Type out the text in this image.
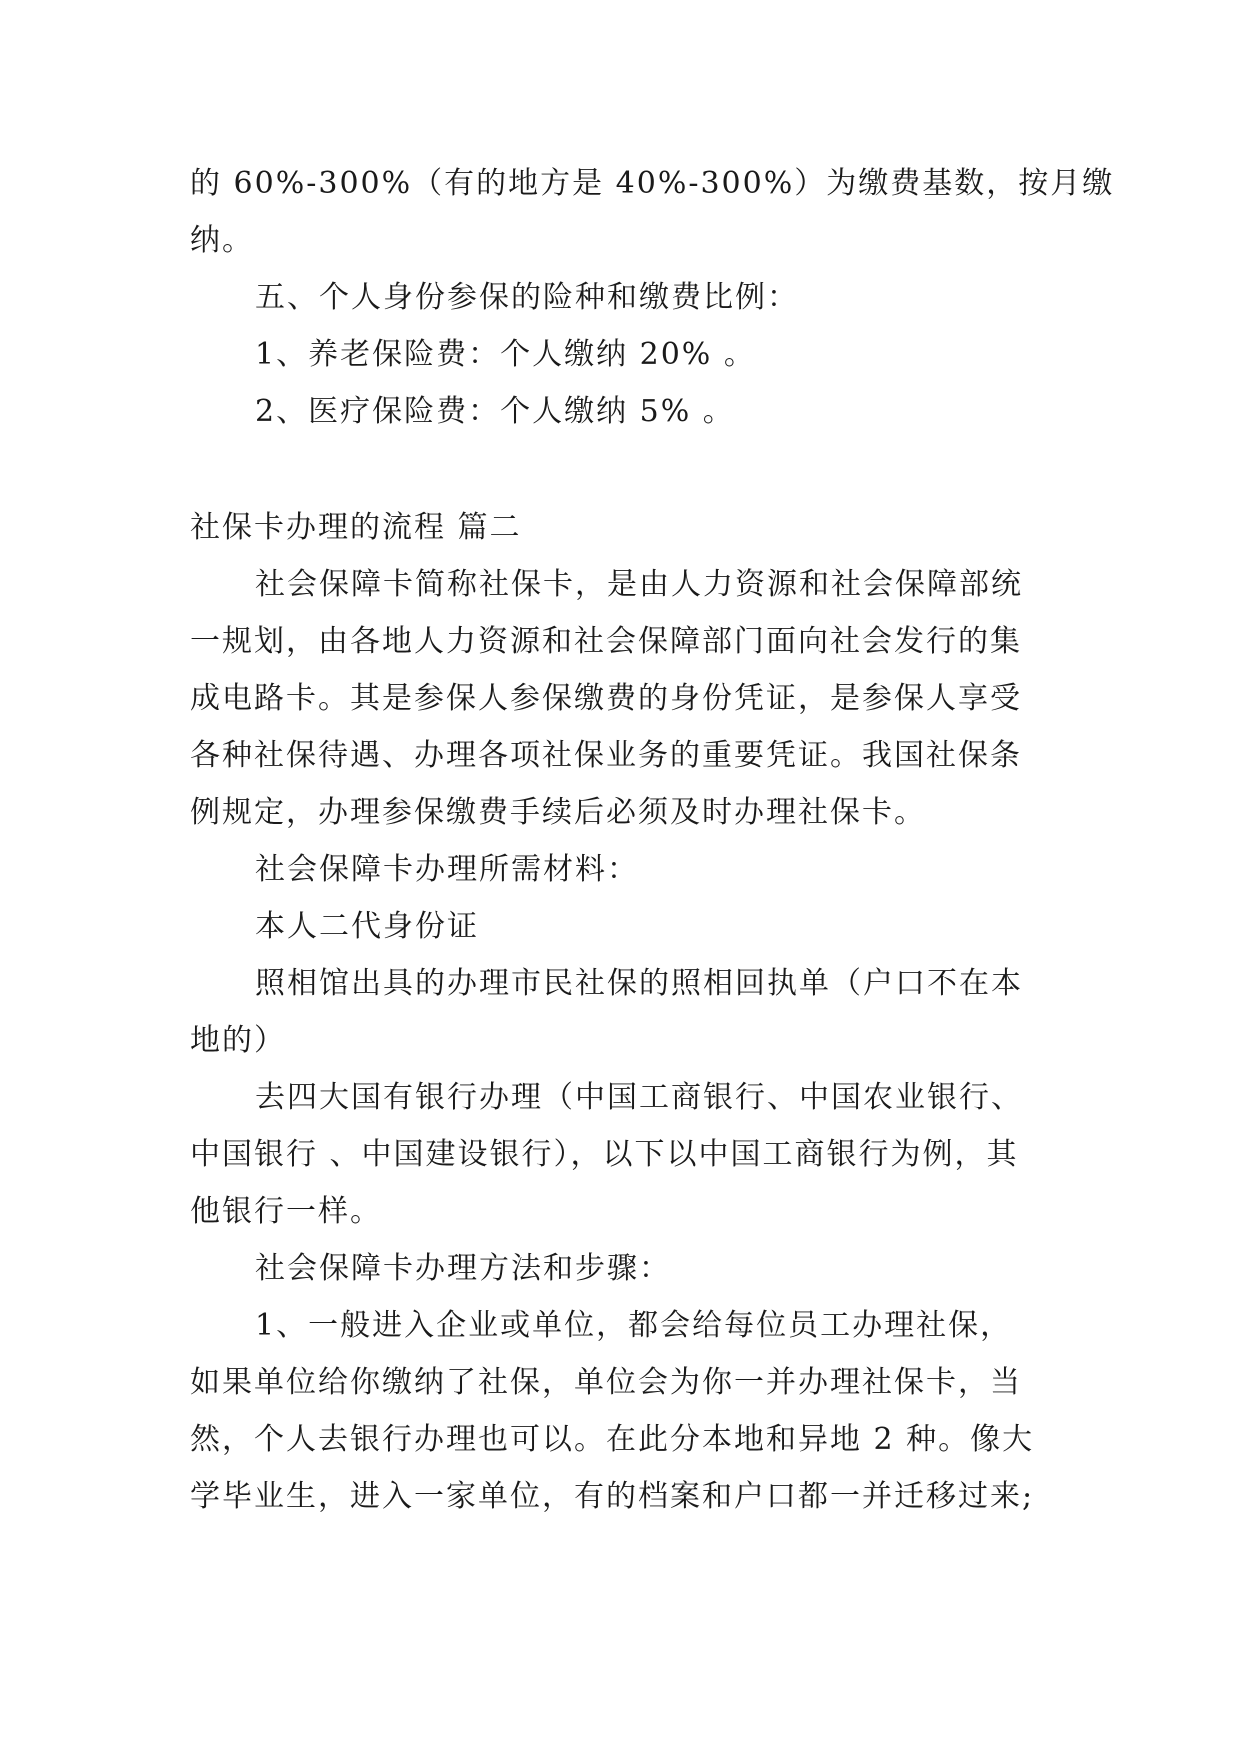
的 60%-300%（有的地方是 40%-300%）为缴费基数，按月缴
纳。
五、个人身份参保的险种和缴费比例：
1、养老保险费：个人缴纳 20% 。
2、医疗保险费：个人缴纳 5% 。
社保卡办理的流程 篇二
社会保障卡简称社保卡，是由人力资源和社会保障部统
一规划，由各地人力资源和社会保障部门面向社会发行的集
成电路卡。其是参保人参保缴费的身份凭证，是参保人享受
各种社保待遇、办理各项社保业务的重要凭证。我国社保条
例规定，办理参保缴费手续后必须及时办理社保卡。
社会保障卡办理所需材料：
本人二代身份证
照相馆出具的办理市民社保的照相回执单（户口不在本
地的）
去四大国有银行办理（中国工商银行、中国农业银行、
中国银行 、中国建设银行），以下以中国工商银行为例，其
他银行一样。
社会保障卡办理方法和步骤：
1、一般进入企业或单位，都会给每位员工办理社保，
如果单位给你缴纳了社保，单位会为你一并办理社保卡，当
然，个人去银行办理也可以。在此分本地和异地 2 种。像大
学毕业生，进入一家单位，有的档案和户口都一并迁移过来;
